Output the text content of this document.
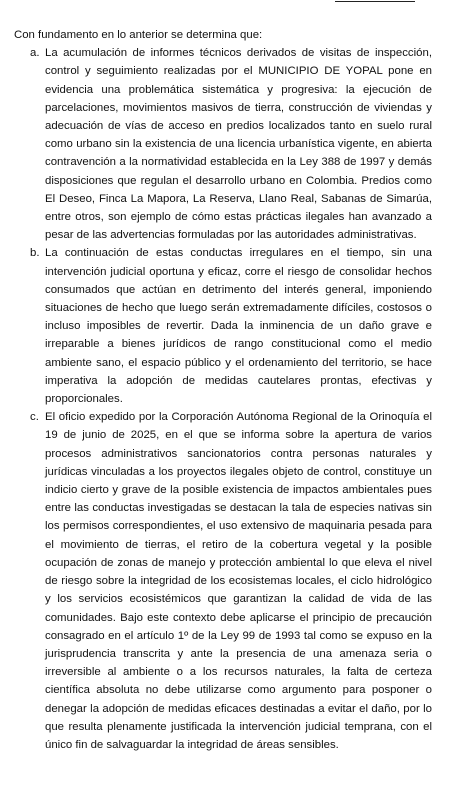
Con fundamento en lo anterior se determina que:

a. La acumulación de informes técnicos derivados de visitas de inspección, control y seguimiento realizadas por el MUNICIPIO DE YOPAL pone en evidencia una problemática sistemática y progresiva: la ejecución de parcelaciones, movimientos masivos de tierra, construcción de viviendas y adecuación de vías de acceso en predios localizados tanto en suelo rural como urbano sin la existencia de una licencia urbanística vigente, en abierta contravención a la normatividad establecida en la Ley 388 de 1997 y demás disposiciones que regulan el desarrollo urbano en Colombia. Predios como El Deseo, Finca La Mapora, La Reserva, Llano Real, Sabanas de Simarúa, entre otros, son ejemplo de cómo estas prácticas ilegales han avanzado a pesar de las advertencias formuladas por las autoridades administrativas.
b. La continuación de estas conductas irregulares en el tiempo, sin una intervención judicial oportuna y eficaz, corre el riesgo de consolidar hechos consumados que actúan en detrimento del interés general, imponiendo situaciones de hecho que luego serán extremadamente difíciles, costosos o incluso imposibles de revertir. Dada la inminencia de un daño grave e irreparable a bienes jurídicos de rango constitucional como el medio ambiente sano, el espacio público y el ordenamiento del territorio, se hace imperativa la adopción de medidas cautelares prontas, efectivas y proporcionales.
c. El oficio expedido por la Corporación Autónoma Regional de la Orinoquía el 19 de junio de 2025, en el que se informa sobre la apertura de varios procesos administrativos sancionatorios contra personas naturales y jurídicas vinculadas a los proyectos ilegales objeto de control, constituye un indicio cierto y grave de la posible existencia de impactos ambientales pues entre las conductas investigadas se destacan la tala de especies nativas sin los permisos correspondientes, el uso extensivo de maquinaria pesada para el movimiento de tierras, el retiro de la cobertura vegetal y la posible ocupación de zonas de manejo y protección ambiental lo que eleva el nivel de riesgo sobre la integridad de los ecosistemas locales, el ciclo hidrológico y los servicios ecosistémicos que garantizan la calidad de vida de las comunidades. Bajo este contexto debe aplicarse el principio de precaución consagrado en el artículo 1º de la Ley 99 de 1993 tal como se expuso en la jurisprudencia transcrita y ante la presencia de una amenaza seria o irreversible al ambiente o a los recursos naturales, la falta de certeza científica absoluta no debe utilizarse como argumento para posponer o denegar la adopción de medidas eficaces destinadas a evitar el daño, por lo que resulta plenamente justificada la intervención judicial temprana, con el único fin de salvaguardar la integridad de áreas sensibles.
